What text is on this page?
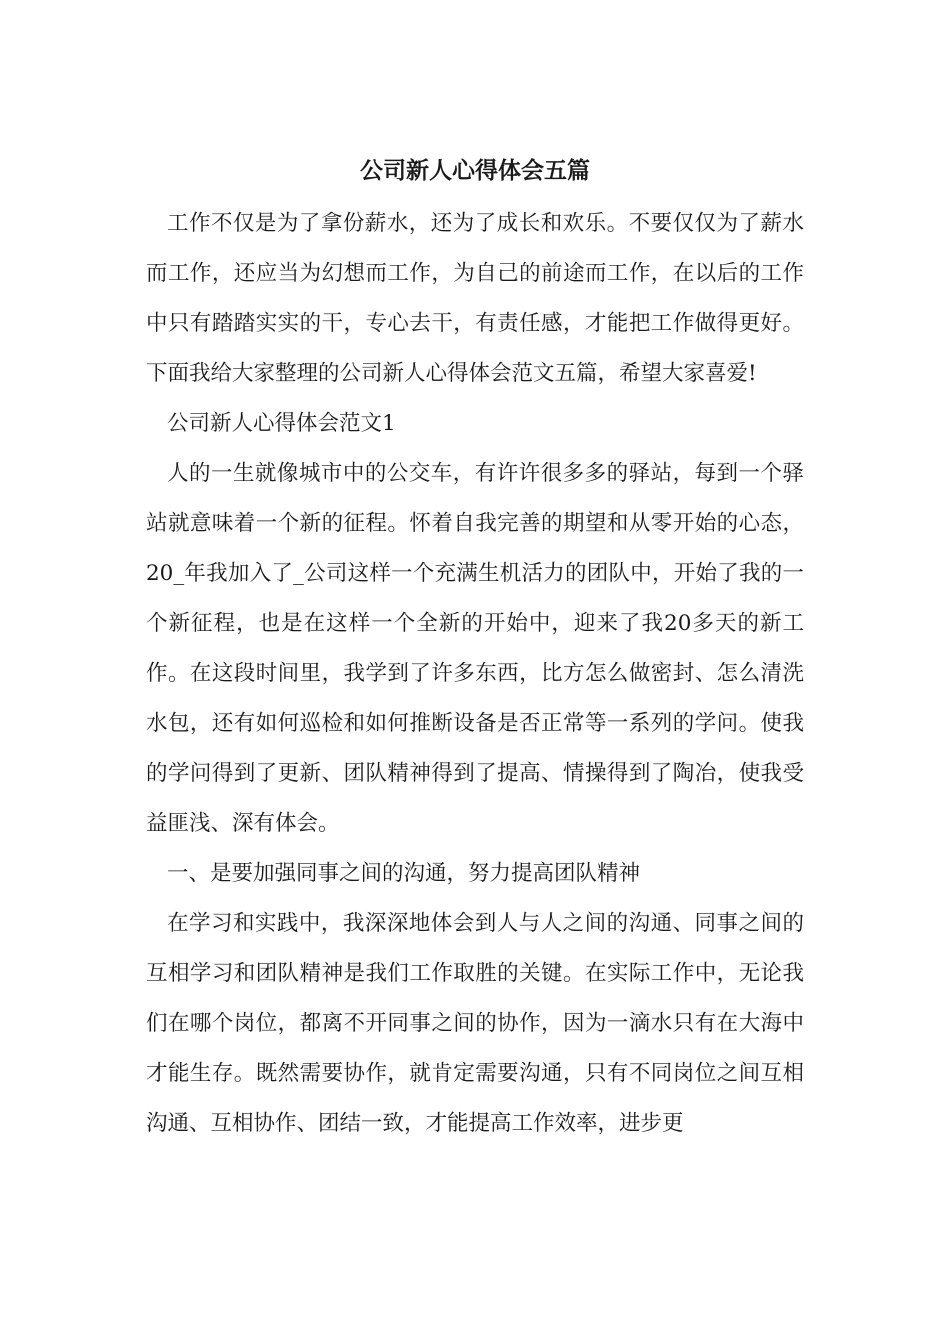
公司新人心得体会五篇

工作不仅是为了拿份薪水，还为了成长和欢乐。不要仅仅为了薪水而工作，还应当为幻想而工作，为自己的前途而工作，在以后的工作中只有踏踏实实的干，专心去干，有责任感，才能把工作做得更好。下面我给大家整理的公司新人心得体会范文五篇，希望大家喜爱!

公司新人心得体会范文1

人的一生就像城市中的公交车，有许许很多多的驿站，每到一个驿站就意味着一个新的征程。怀着自我完善的期望和从零开始的心态，20_年我加入了_公司这样一个充满生机活力的团队中，开始了我的一个新征程，也是在这样一个全新的开始中，迎来了我20多天的新工作。在这段时间里，我学到了许多东西，比方怎么做密封、怎么清洗水包，还有如何巡检和如何推断设备是否正常等一系列的学问。使我的学问得到了更新、团队精神得到了提高、情操得到了陶冶，使我受益匪浅、深有体会。

一、是要加强同事之间的沟通，努力提高团队精神

在学习和实践中，我深深地体会到人与人之间的沟通、同事之间的互相学习和团队精神是我们工作取胜的关键。在实际工作中，无论我们在哪个岗位，都离不开同事之间的协作，因为一滴水只有在大海中才能生存。既然需要协作，就肯定需要沟通，只有不同岗位之间互相沟通、互相协作、团结一致，才能提高工作效率，进步更
